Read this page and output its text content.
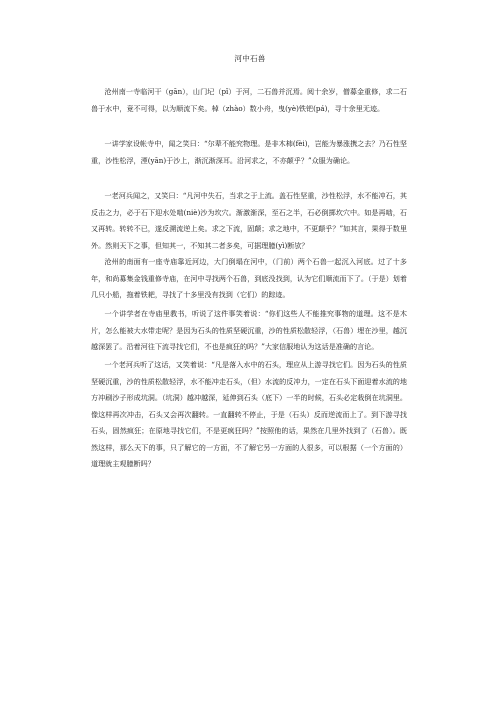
河中石兽

沧州南一寺临河干（gān），山门圮（pǐ）于河，二石兽并沉焉。阅十余岁，僧募金重修，求二石兽于水中，竟不可得，以为顺流下矣。棹（zhào）数小舟，曳(yè)铁钯(pá)，寻十余里无迹。

一讲学家设帐寺中，闻之笑曰：“尔辈不能究物理。是非木柿(fèi)，岂能为暴涨携之去？乃石性坚重，沙性松浮，湮(yān)于沙上，渐沉渐深耳。沿河求之，不亦颠乎？”众服为确论。

一老河兵闻之，又笑曰：“凡河中失石，当求之于上流。盖石性坚重，沙性松浮，水不能冲石，其反击之力，必于石下迎水处啮(niè)沙为坎穴。渐激渐深，至石之半，石必倒掷坎穴中。如是再啮，石又再转。转转不已，遂反溯流逆上矣。求之下流，固颠；求之地中，不更颠乎？”如其言，果得于数里外。然则天下之事，但知其一，不知其二者多矣，可据理臆(yì)断欤？

沧州的南面有一座寺庙靠近河边，大门倒塌在河中，（门前）两个石兽一起沉入河底。过了十多年，和尚募集金钱重修寺庙，在河中寻找两个石兽，到底没找到，认为它们顺流而下了。（于是）划着几只小船，拖着铁耙，寻找了十多里没有找到（它们）的踪迹。

一个讲学者在寺庙里教书，听说了这件事笑着说：“你们这些人不能推究事物的道理。这不是木片，怎么能被大水带走呢？是因为石头的性质坚硬沉重，沙的性质松散轻浮，（石兽）埋在沙里，越沉越深罢了。沿着河往下流寻找它们，不也是疯狂的吗？”大家信服地认为这话是准确的言论。

一个老河兵听了这话，又笑着说：“凡是落入水中的石头，理应从上游寻找它们。因为石头的性质坚硬沉重，沙的性质松散轻浮，水不能冲走石头，（但）水流的反冲力，一定在石头下面迎着水流的地方冲刷沙子形成坑洞。（坑洞）越冲越深，延伸到石头（底下）一半的时候，石头必定栽倒在坑洞里。像这样再次冲击，石头又会再次翻转。一直翻转不停止，于是（石头）反而逆流而上了。到下游寻找石头，固然疯狂；在原地寻找它们，不是更疯狂吗？”按照他的话，果然在几里外找到了（石兽）。既然这样，那么天下的事，只了解它的一方面，不了解它另一方面的人很多，可以根据（一个方面的）道理就主观臆断吗？
